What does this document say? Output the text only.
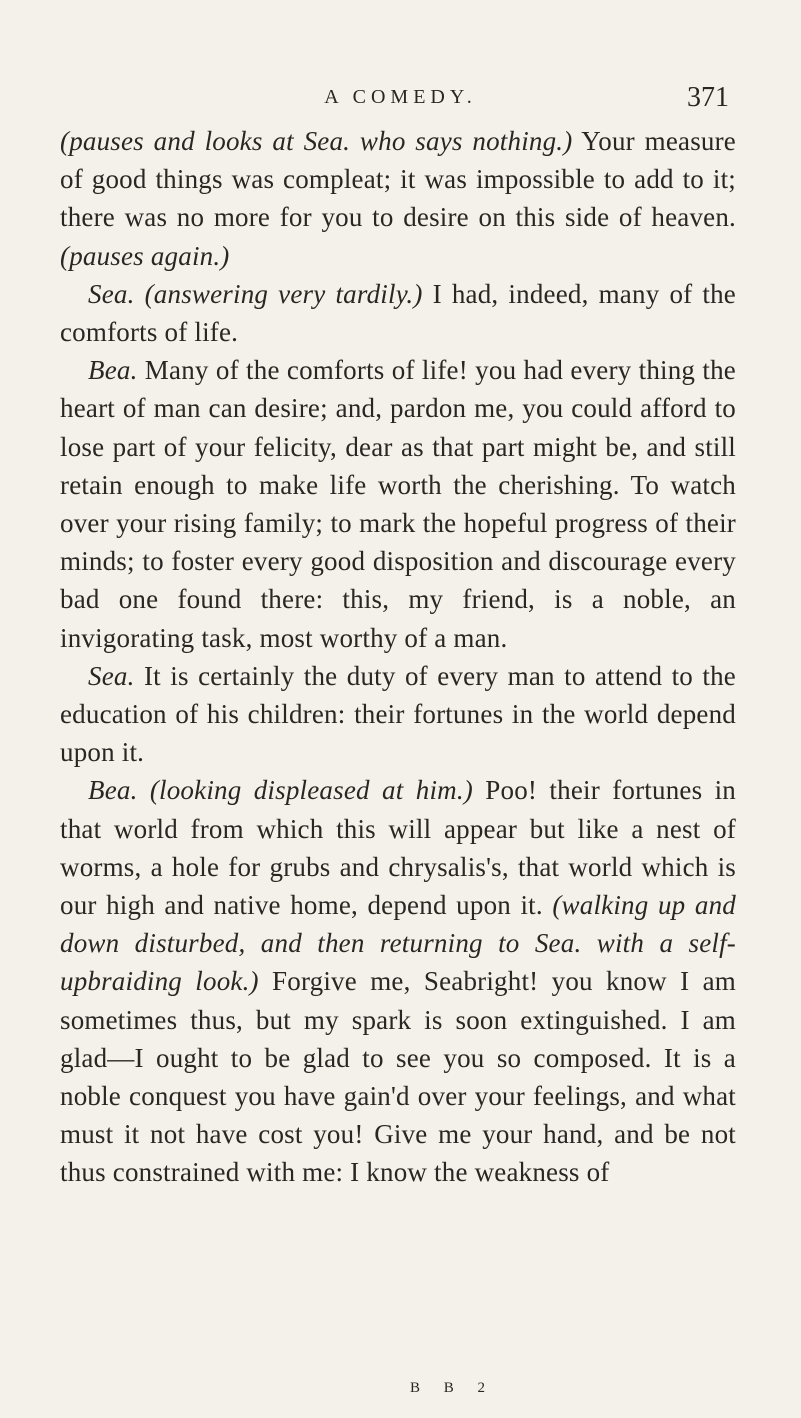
A COMEDY.	371

(pauses and looks at Sea. who says nothing.) Your measure of good things was compleat; it was impossible to add to it; there was no more for you to desire on this side of heaven. (pauses again.)

Sea. (answering very tardily.) I had, indeed, many of the comforts of life.

Bea. Many of the comforts of life! you had every thing the heart of man can desire; and, pardon me, you could afford to lose part of your felicity, dear as that part might be, and still retain enough to make life worth the cherishing. To watch over your rising family; to mark the hopeful progress of their minds; to foster every good disposition and discourage every bad one found there: this, my friend, is a noble, an invigorating task, most worthy of a man.

Sea. It is certainly the duty of every man to attend to the education of his children: their fortunes in the world depend upon it.

Bea. (looking displeased at him.) Poo! their fortunes in that world from which this will appear but like a nest of worms, a hole for grubs and chrysalis's, that world which is our high and native home, depend upon it. (walking up and down disturbed, and then returning to Sea. with a self-upbraiding look.) Forgive me, Seabright! you know I am sometimes thus, but my spark is soon extinguished. I am glad—I ought to be glad to see you so composed. It is a noble conquest you have gain'd over your feelings, and what must it not have cost you! Give me your hand, and be not thus constrained with me: I know the weakness of

B B 2
